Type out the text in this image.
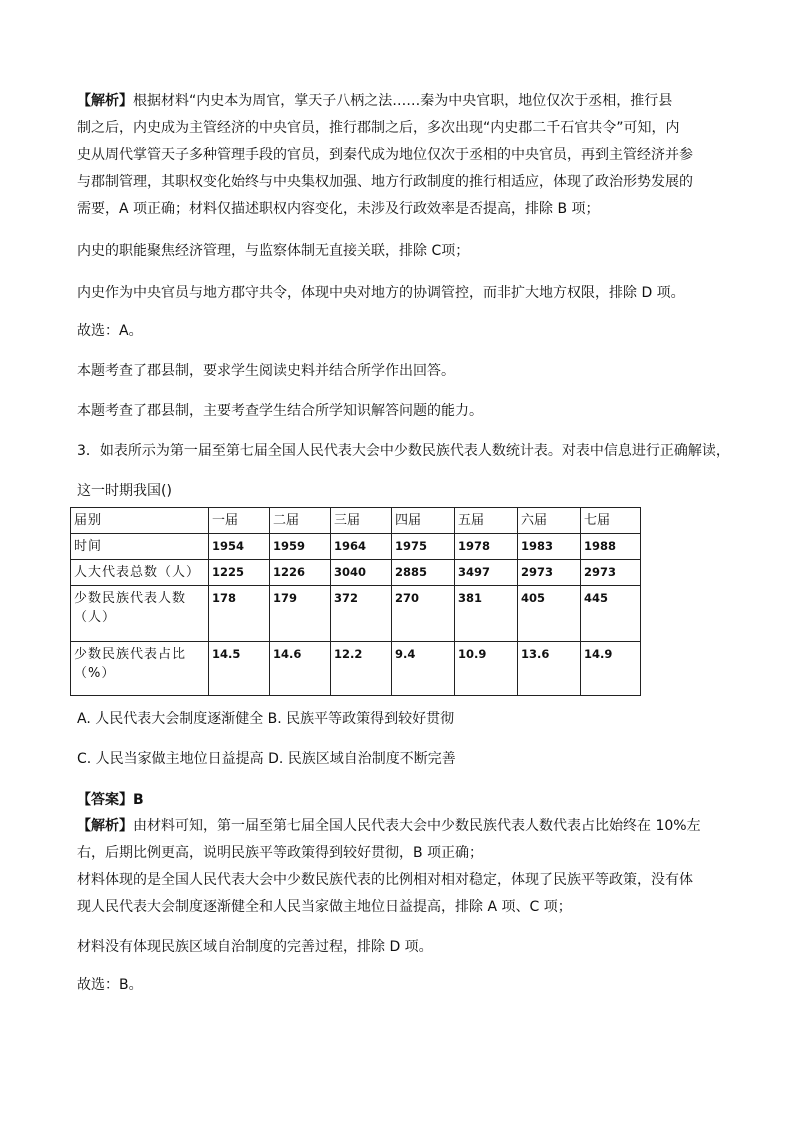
【解析】根据材料“内史本为周官，掌天子八柄之法……秦为中央官职，地位仅次于丞相，推行县
制之后，内史成为主管经济的中央官员，推行郡制之后，多次出现“内史郡二千石官共令”可知，内
史从周代掌管天子多种管理手段的官员，到秦代成为地位仅次于丞相的中央官员，再到主管经济并参
与郡制管理，其职权变化始终与中央集权加强、地方行政制度的推行相适应，体现了政治形势发展的
需要，A 项正确；材料仅描述职权内容变化，未涉及行政效率是否提高，排除 B 项；
内史的职能聚焦经济管理，与监察体制无直接关联，排除 C项；
内史作为中央官员与地方郡守共令，体现中央对地方的协调管控，而非扩大地方权限，排除 D 项。
故选：A。
本题考查了郡县制，要求学生阅读史料并结合所学作出回答。
本题考查了郡县制，主要考查学生结合所学知识解答问题的能力。
3．如表所示为第一届至第七届全国人民代表大会中少数民族代表人数统计表。对表中信息进行正确解读，
这一时期我国()
届别	一届	二届	三届	四届	五届	六届	七届
时间	1954	1959	1964	1975	1978	1983	1988
人大代表总数（人）	1225	1226	3040	2885	3497	2973	2973
少数民族代表人数（人）	178	179	372	270	381	405	445
少数民族代表占比（%）	14.5	14.6	12.2	9.4	10.9	13.6	14.9
A. 人民代表大会制度逐渐健全 B. 民族平等政策得到较好贯彻
C. 人民当家做主地位日益提高 D. 民族区域自治制度不断完善
【答案】B
【解析】由材料可知，第一届至第七届全国人民代表大会中少数民族代表人数代表占比始终在 10%左
右，后期比例更高，说明民族平等政策得到较好贯彻，B 项正确；
材料体现的是全国人民代表大会中少数民族代表的比例相对相对稳定，体现了民族平等政策，没有体
现人民代表大会制度逐渐健全和人民当家做主地位日益提高，排除 A 项、C 项；
材料没有体现民族区域自治制度的完善过程，排除 D 项。
故选：B。
